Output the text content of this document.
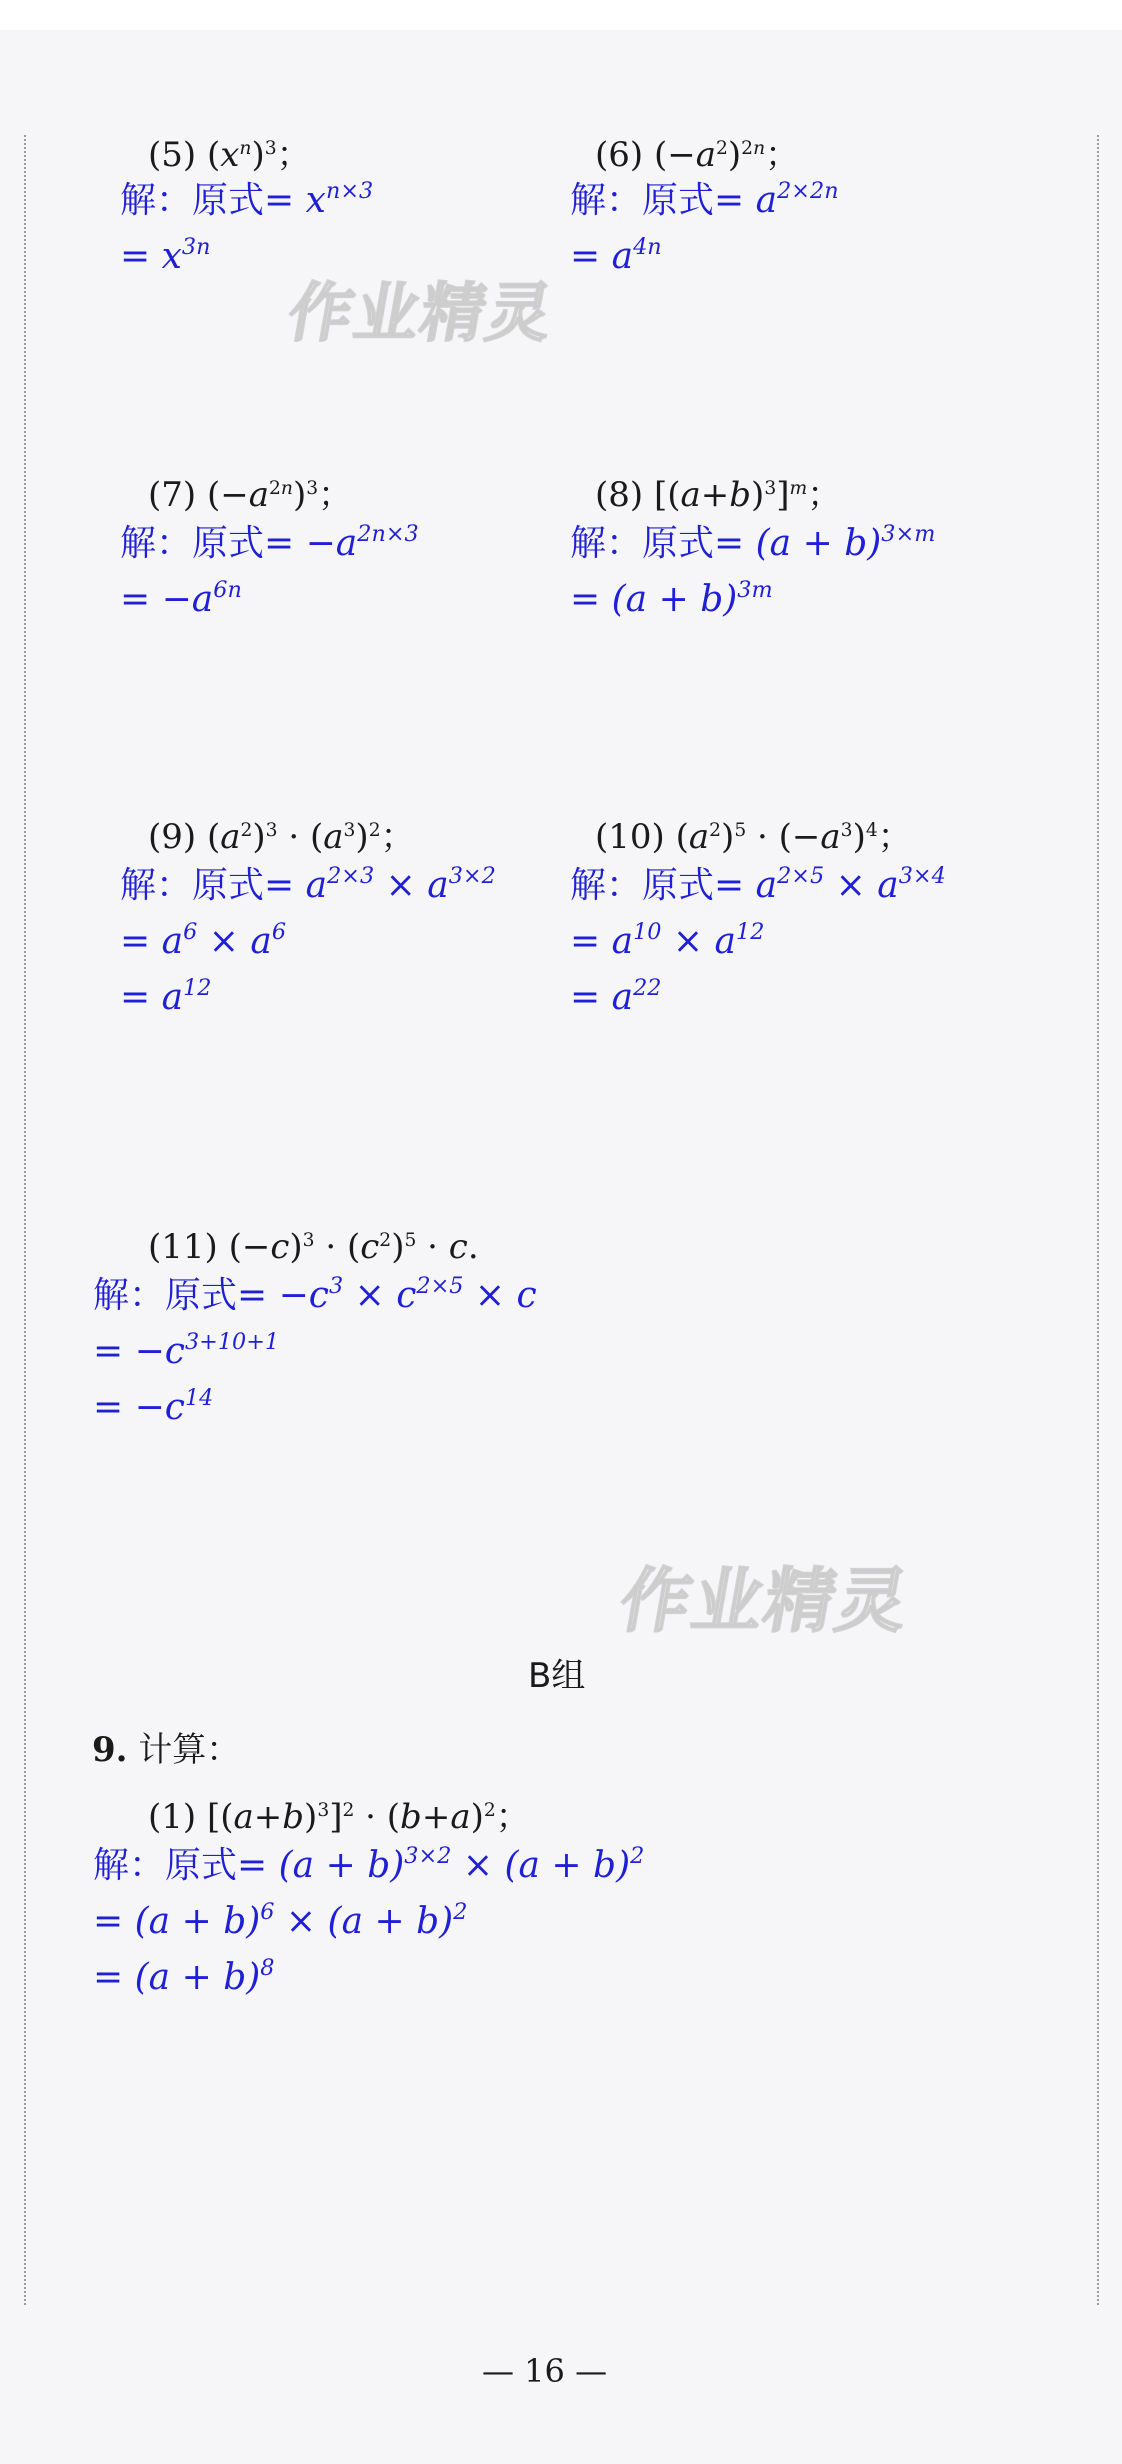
(5) $(x^n)^3$；
解：原式= $x^{n\times 3}$
= $x^{3n}$
(6) $(-a^2)^{2n}$；
解：原式= $a^{2\times 2n}$
= $a^{4n}$
作业精灵
(7) $(-a^{2n})^3$；
解：原式= $-a^{2n\times 3}$
= $-a^{6n}$
(8) $[(a+b)^3]^m$；
解：原式= $(a + b)^{3\times m}$
= $(a + b)^{3m}$
(9) $(a^2)^3 \cdot (a^3)^2$；
解：原式= $a^{2\times 3} \times a^{3\times 2}$
= $a^6 \times a^6$
= $a^{12}$
(10) $(a^2)^5 \cdot (-a^3)^4$；
解：原式= $a^{2\times 5} \times a^{3\times 4}$
= $a^{10} \times a^{12}$
= $a^{22}$
(11) $(-c)^3 \cdot (c^2)^5 \cdot c$.
解：原式= $-c^3 \times c^{2\times 5} \times c$
= $-c^{3+10+1}$
= $-c^{14}$
作业精灵
B组
9. 计算：
(1) $[(a+b)^3]^2 \cdot (b+a)^2$；
解：原式= $(a + b)^{3\times 2} \times (a + b)^2$
= $(a + b)^6 \times (a + b)^2$
= $(a + b)^8$
— 16 —
